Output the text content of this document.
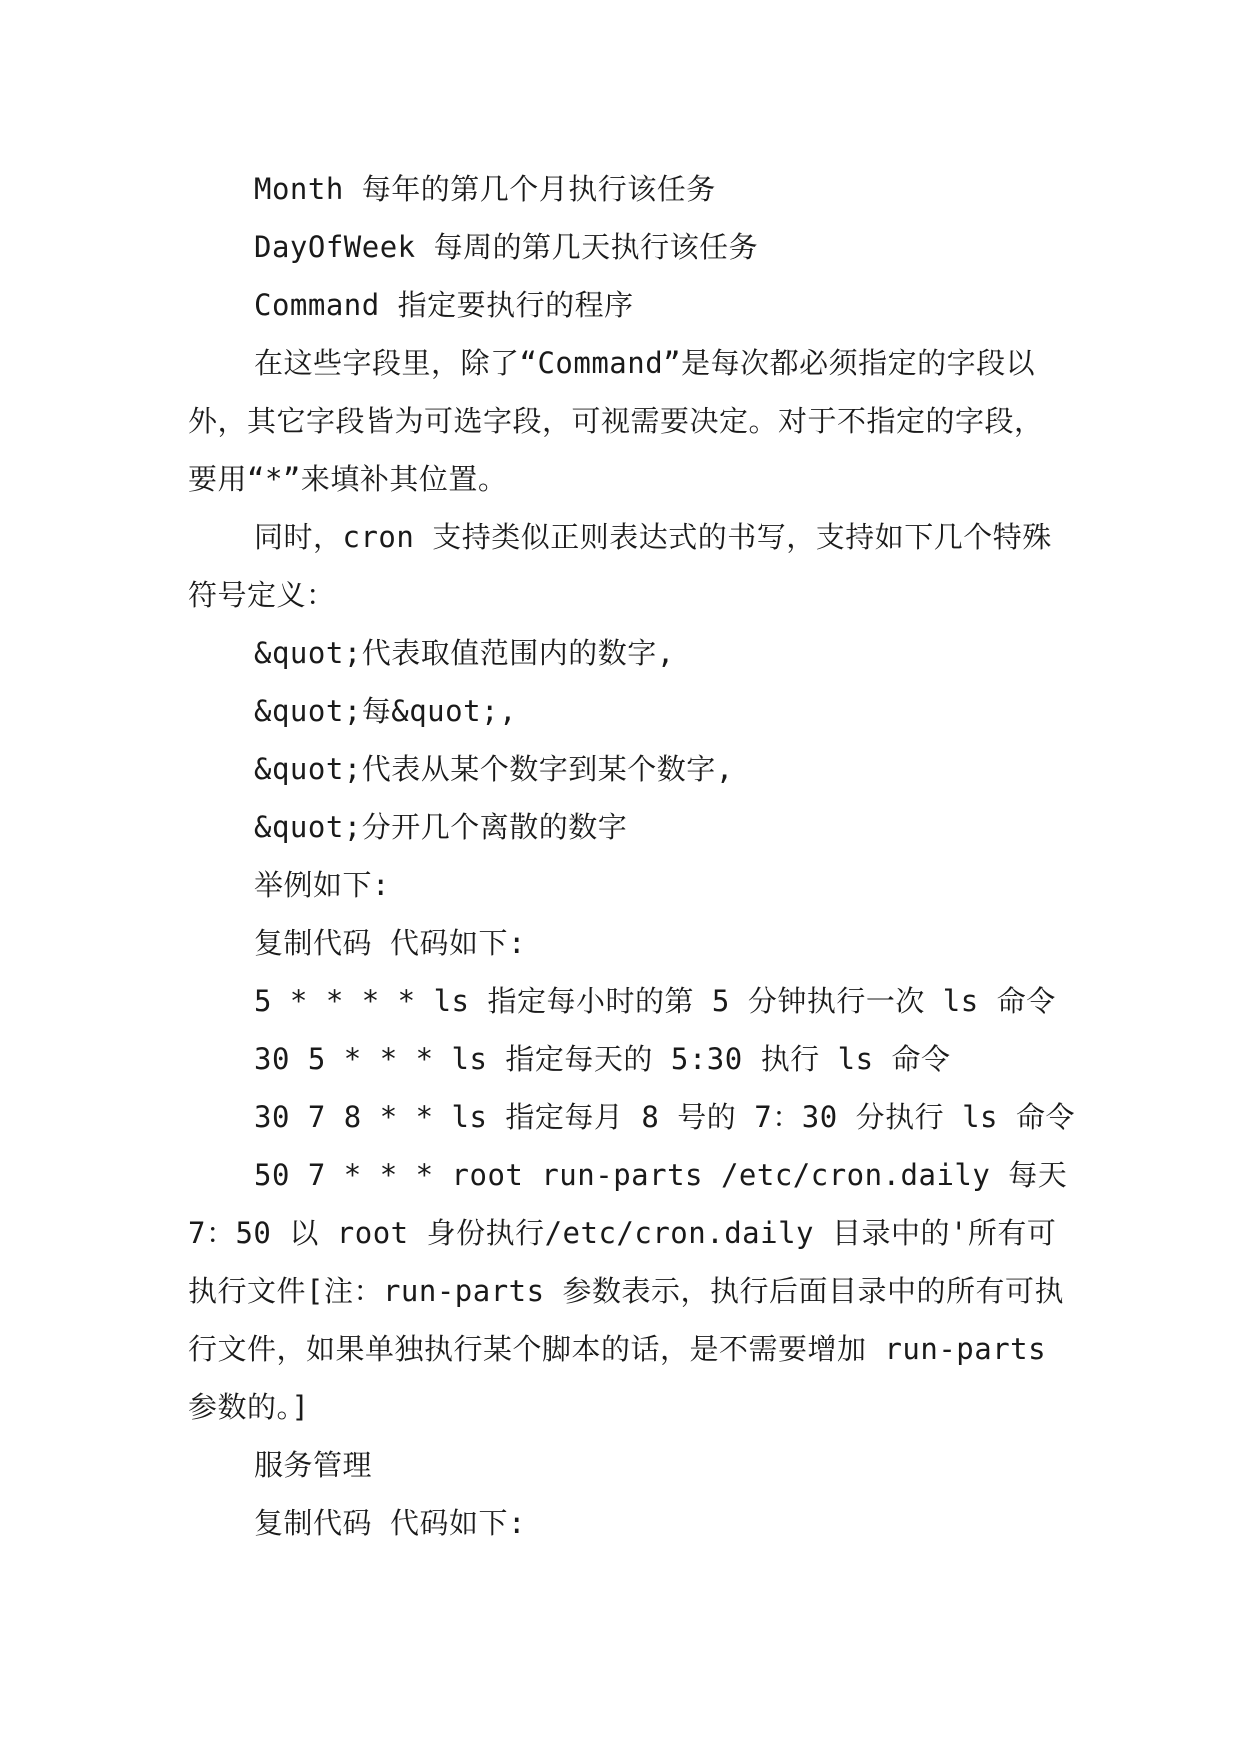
Month 每年的第几个月执行该任务
DayOfWeek 每周的第几天执行该任务
Command 指定要执行的程序

在这些字段里，除了“Command”是每次都必须指定的字段以外，其它字段皆为可选字段，可视需要决定。对于不指定的字段，要用“*”来填补其位置。

同时，cron 支持类似正则表达式的书写，支持如下几个特殊符号定义：

&quot;代表取值范围内的数字,
&quot;每&quot;,
&quot;代表从某个数字到某个数字,
&quot;分开几个离散的数字
举例如下:
复制代码 代码如下:
5 * * * * ls 指定每小时的第 5 分钟执行一次 ls 命令
30 5 * * * ls 指定每天的 5:30 执行 ls 命令
30 7 8 * * ls 指定每月 8 号的 7：30 分执行 ls 命令

50 7 * * * root run-parts /etc/cron.daily 每天 7：50 以 root 身份执行/etc/cron.daily 目录中的'所有可执行文件[注：run-parts 参数表示，执行后面目录中的所有可执行文件，如果单独执行某个脚本的话，是不需要增加 run-parts 参数的。]

服务管理
复制代码 代码如下:
